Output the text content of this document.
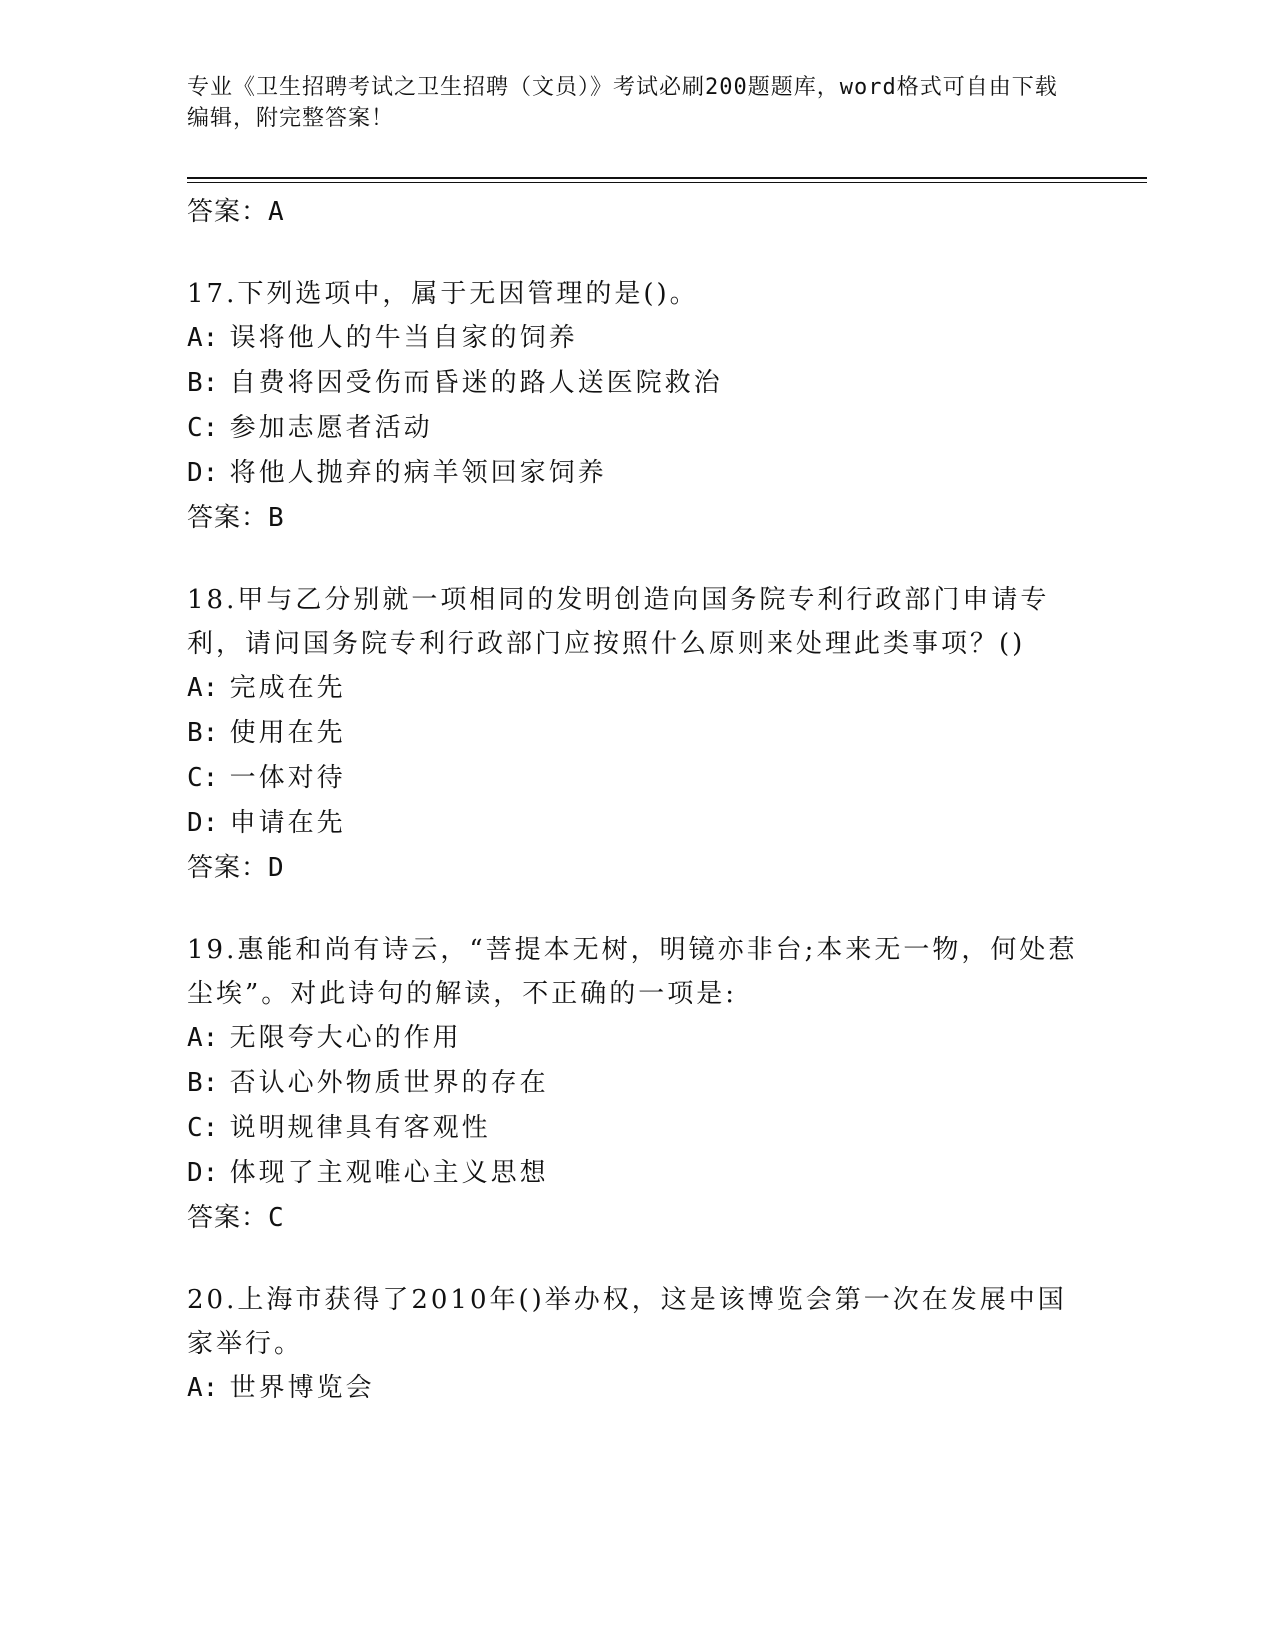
专业《卫生招聘考试之卫生招聘（文员）》考试必刷200题题库，word格式可自由下载编辑，附完整答案！
答案：A
17.下列选项中，属于无因管理的是()。
A: 误将他人的牛当自家的饲养
B: 自费将因受伤而昏迷的路人送医院救治
C: 参加志愿者活动
D: 将他人抛弃的病羊领回家饲养
答案：B
18.甲与乙分别就一项相同的发明创造向国务院专利行政部门申请专利，请问国务院专利行政部门应按照什么原则来处理此类事项？()
A: 完成在先
B: 使用在先
C: 一体对待
D: 申请在先
答案：D
19.惠能和尚有诗云，“菩提本无树，明镜亦非台;本来无一物，何处惹尘埃”。对此诗句的解读，不正确的一项是:
A: 无限夸大心的作用
B: 否认心外物质世界的存在
C: 说明规律具有客观性
D: 体现了主观唯心主义思想
答案：C
20.上海市获得了2010年()举办权，这是该博览会第一次在发展中国家举行。
A: 世界博览会
